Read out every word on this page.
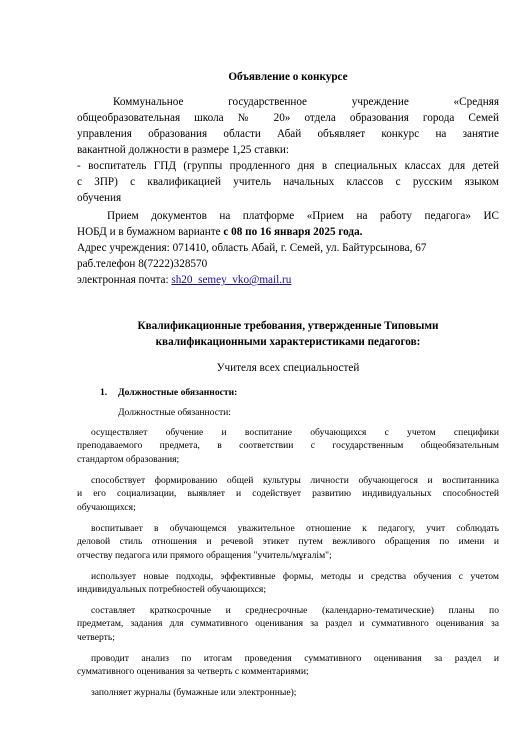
Объявление о конкурсе
Коммунальное государственное учреждение «Средняя
общеобразовательная школа № 20» отдела образования города Семей
управления образования области Абай объявляет конкурс на занятие
вакантной должности в размере 1,25 ставки:
- воспитатель ГПД (группы продленного дня в специальных классах для детей
с ЗПР) с квалификацией учитель начальных классов с русским языком
обучения
Прием документов на платформе «Прием на работу педагога» ИС
НОБД и в бумажном варианте с 08 по 16 января 2025 года.
Адрес учреждения: 071410, область Абай, г. Семей, ул. Байтурсынова, 67
раб.телефон 8(7222)328570
электронная почта: sh20_semey_vko@mail.ru
Квалификационные требования, утвержденные Типовыми
квалификационными характеристиками педагогов:
Учителя всех специальностей
1. Должностные обязанности:
Должностные обязанности:
осуществляет обучение и воспитание обучающихся с учетом специфики
преподаваемого предмета, в соответствии с государственным общеобязательным
стандартом образования;
способствует формированию общей культуры личности обучающегося и воспитанника
и его социализации, выявляет и содействует развитию индивидуальных способностей
обучающихся;
воспитывает в обучающемся уважительное отношение к педагогу, учит соблюдать
деловой стиль отношения и речевой этикет путем вежливого обращения по имени и
отчеству педагога или прямого обращения "учитель/мұғалім";
использует новые подходы, эффективные формы, методы и средства обучения с учетом
индивидуальных потребностей обучающихся;
составляет краткосрочные и среднесрочные (календарно-тематические) планы по
предметам, задания для суммативного оценивания за раздел и суммативного оценивания за
четверть;
проводит анализ по итогам проведения суммативного оценивания за раздел и
суммативного оценивания за четверть с комментариями;
заполняет журналы (бумажные или электронные);
